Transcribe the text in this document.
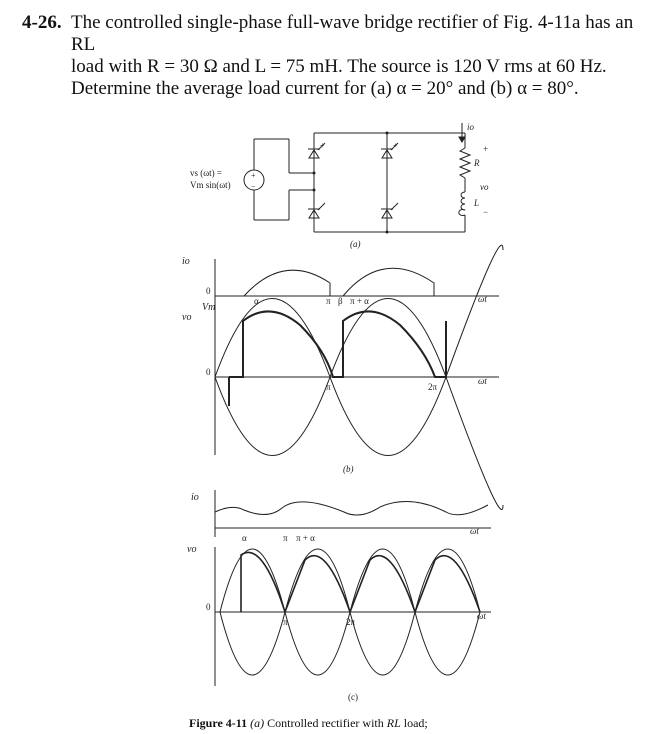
4-26. The controlled single-phase full-wave bridge rectifier of Fig. 4-11a has an RL
load with R = 30 Ω and L = 75 mH. The source is 120 V rms at 60 Hz.
Determine the average load current for (a) α = 20° and (b) α = 80°.
vs (ωt) =
Vm sin(ωt)
+
−
R
L
io
vo
+
−
+	+
(a)
io
vo
Vm
0
0
α	π β π + α	ωt
ωt
π	2π
(b)
io
vo
0
α	π π + α
ωt
ωt
π	2π
(c)
Figure 4-11 (a) Controlled rectifier with RL load;
